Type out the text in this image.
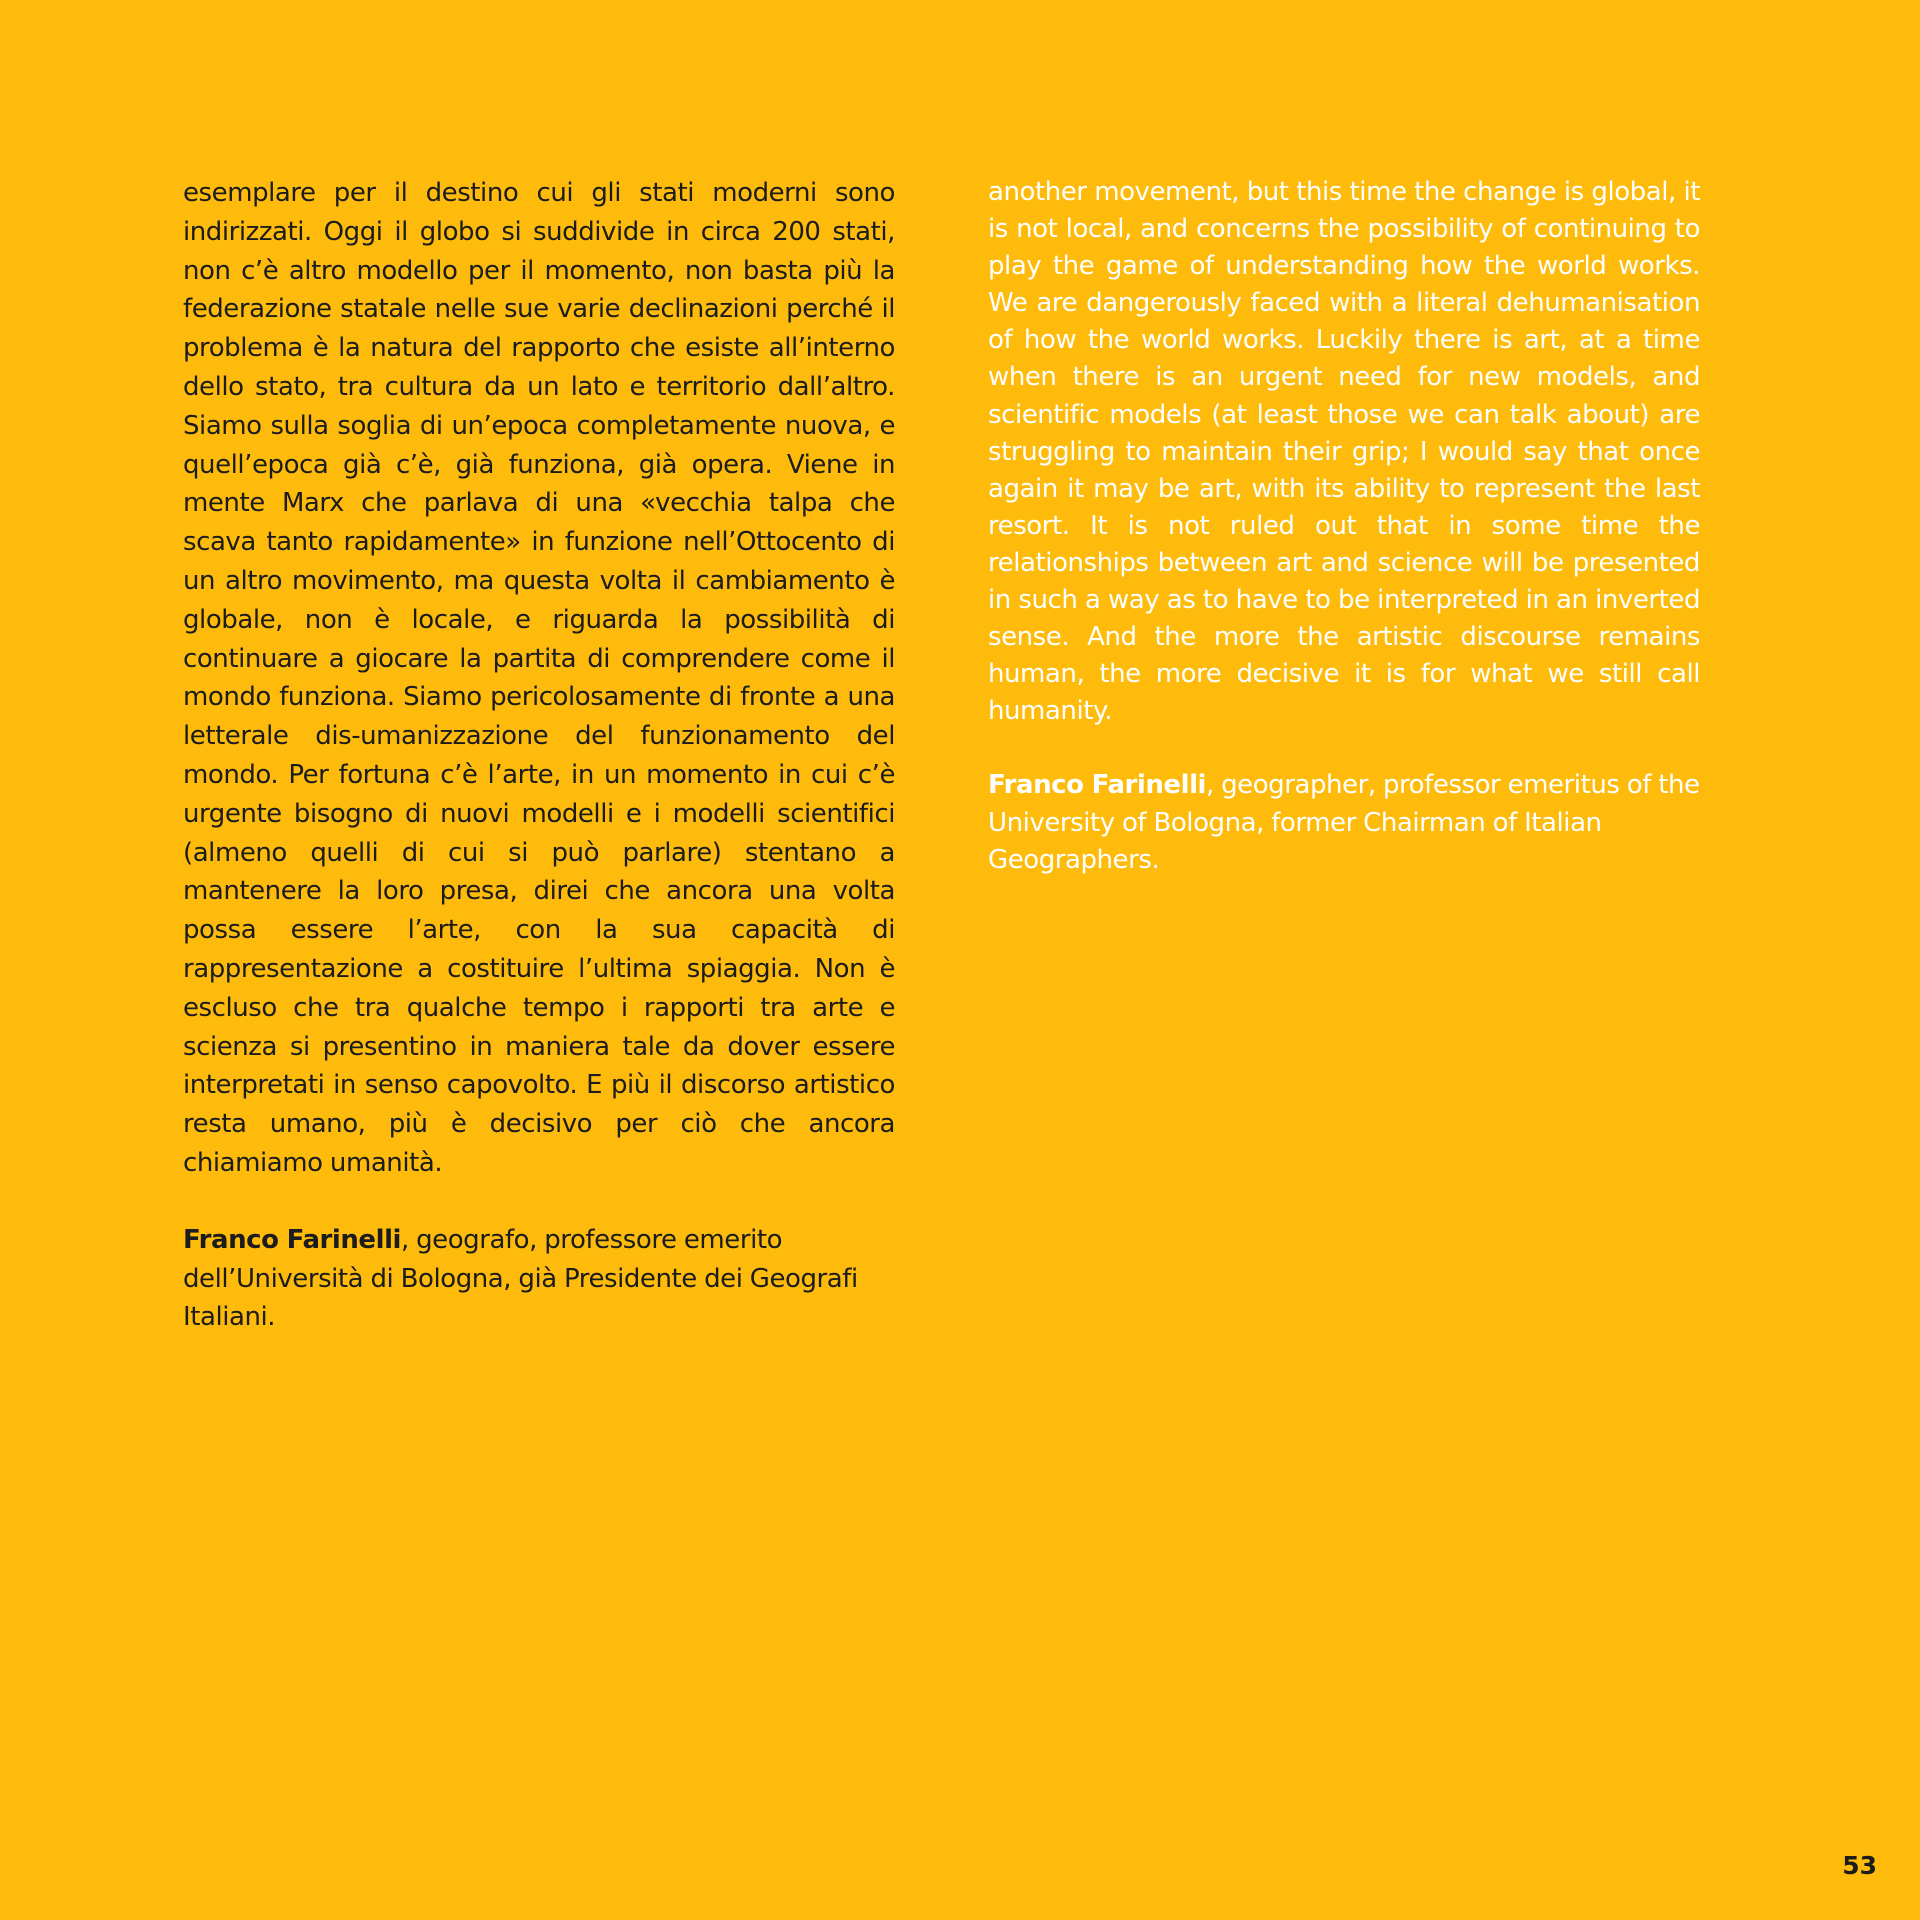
esemplare per il destino cui gli stati moderni sono indirizzati. Oggi il globo si suddivide in circa 200 stati, non c’è altro modello per il momento, non basta più la federazione statale nelle sue varie declinazioni perché il problema è la natura del rapporto che esiste all’interno dello stato, tra cultura da un lato e territorio dall’altro. Siamo sulla soglia di un’epoca completamente nuova, e quell’epoca già c’è, già funziona, già opera. Viene in mente Marx che parlava di una «vecchia talpa che scava tanto rapidamente» in funzione nell’Ottocento di un altro movimento, ma questa volta il cambiamento è globale, non è locale, e riguarda la possibilità di continuare a giocare la partita di comprendere come il mondo funziona. Siamo pericolosamente di fronte a una letterale dis-umanizzazione del funzionamento del mondo. Per fortuna c’è l’arte, in un momento in cui c’è urgente bisogno di nuovi modelli e i modelli scientifici (almeno quelli di cui si può parlare) stentano a mantenere la loro presa, direi che ancora una volta possa essere l’arte, con la sua capacità di rappresentazione a costituire l’ultima spiaggia. Non è escluso che tra qualche tempo i rapporti tra arte e scienza si presentino in maniera tale da dover essere interpretati in senso capovolto. E più il discorso artistico resta umano, più è decisivo per ciò che ancora chiamiamo umanità.

Franco Farinelli, geografo, professore emerito dell’Università di Bologna, già Presidente dei Geografi Italiani.

another movement, but this time the change is global, it is not local, and concerns the possibility of continuing to play the game of understanding how the world works. We are dangerously faced with a literal dehumanisation of how the world works. Luckily there is art, at a time when there is an urgent need for new models, and scientific models (at least those we can talk about) are struggling to maintain their grip; I would say that once again it may be art, with its ability to represent the last resort. It is not ruled out that in some time the relationships between art and science will be presented in such a way as to have to be interpreted in an inverted sense. And the more the artistic discourse remains human, the more decisive it is for what we still call humanity.

Franco Farinelli, geographer, professor emeritus of the University of Bologna, former Chairman of Italian Geographers.

53
